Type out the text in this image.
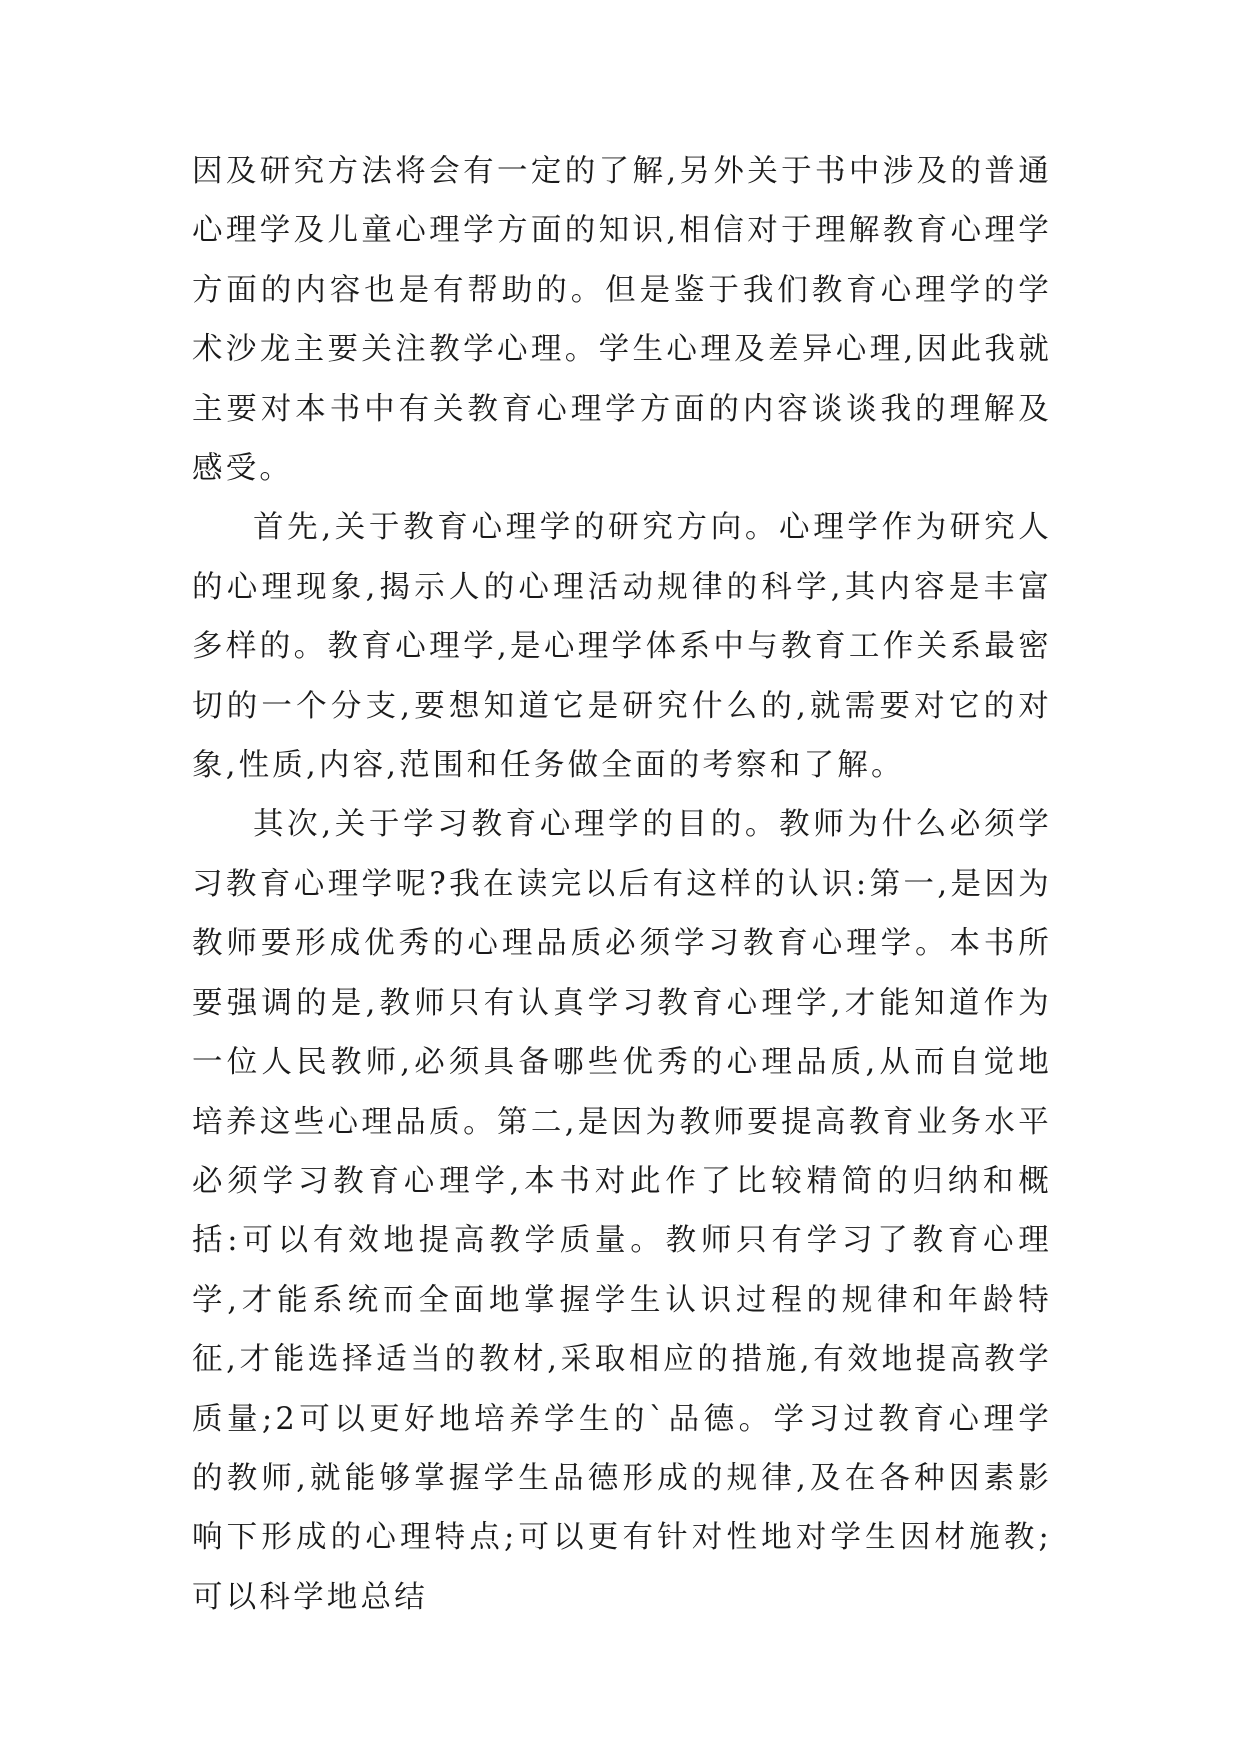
因及研究方法将会有一定的了解,另外关于书中涉及的普通心理学及儿童心理学方面的知识,相信对于理解教育心理学方面的内容也是有帮助的。但是鉴于我们教育心理学的学术沙龙主要关注教学心理。学生心理及差异心理,因此我就主要对本书中有关教育心理学方面的内容谈谈我的理解及感受。

首先,关于教育心理学的研究方向。心理学作为研究人的心理现象,揭示人的心理活动规律的科学,其内容是丰富多样的。教育心理学,是心理学体系中与教育工作关系最密切的一个分支,要想知道它是研究什么的,就需要对它的对象,性质,内容,范围和任务做全面的考察和了解。

其次,关于学习教育心理学的目的。教师为什么必须学习教育心理学呢?我在读完以后有这样的认识:第一,是因为教师要形成优秀的心理品质必须学习教育心理学。本书所要强调的是,教师只有认真学习教育心理学,才能知道作为一位人民教师,必须具备哪些优秀的心理品质,从而自觉地培养这些心理品质。第二,是因为教师要提高教育业务水平必须学习教育心理学,本书对此作了比较精简的归纳和概括:可以有效地提高教学质量。教师只有学习了教育心理学,才能系统而全面地掌握学生认识过程的规律和年龄特征,才能选择适当的教材,采取相应的措施,有效地提高教学质量;2可以更好地培养学生的`品德。学习过教育心理学的教师,就能够掌握学生品德形成的规律,及在各种因素影响下形成的心理特点;可以更有针对性地对学生因材施教;可以科学地总结
